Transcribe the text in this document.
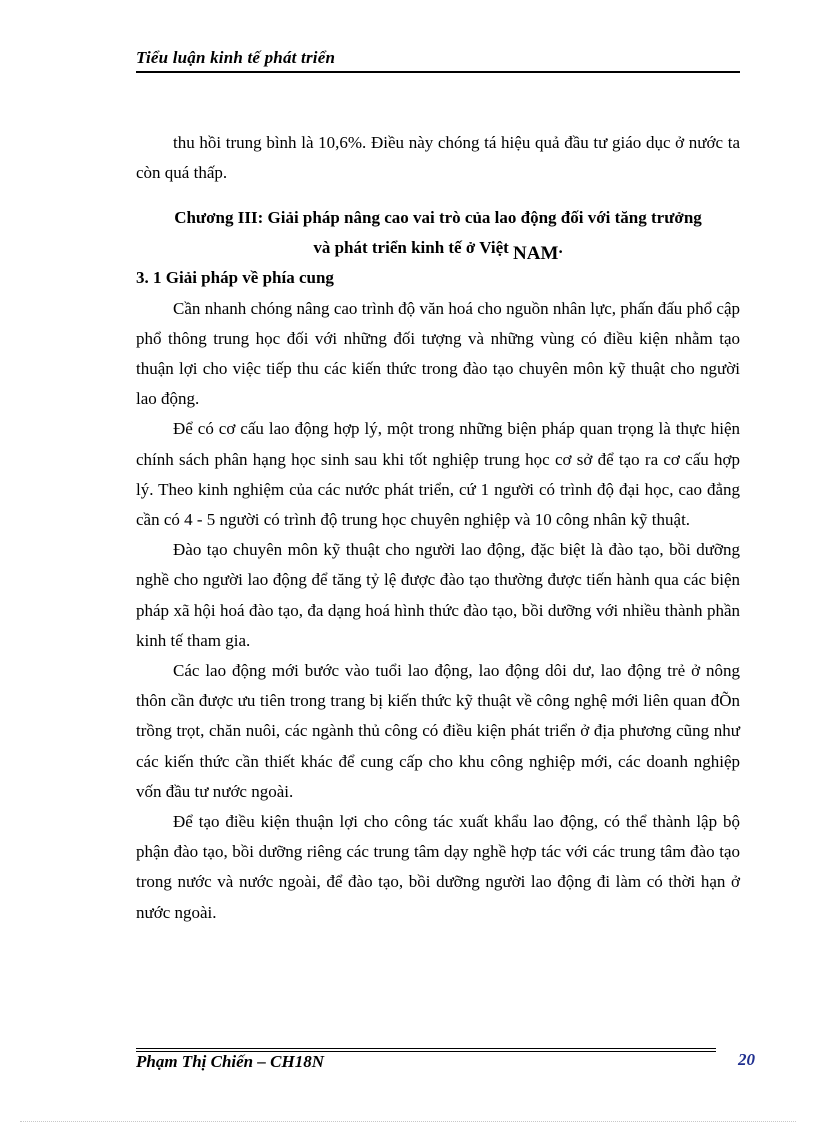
Tiểu luận kinh tế phát triển

thu hồi trung bình là 10,6%. Điều này chóng tá hiệu quả đầu tư giáo dục ở nước ta còn quá thấp.

Chương III: Giải pháp nâng cao vai trò của lao động đối với tăng trưởng
và phát triển kinh tế ở Việt NAM.

3. 1 Giải pháp về phía cung

Cần nhanh chóng nâng cao trình độ văn hoá cho nguồn nhân lực, phấn đấu phổ cập phổ thông trung học đối với những đối tượng và những vùng có điều kiện nhằm tạo thuận lợi cho việc tiếp thu các kiến thức trong đào tạo chuyên môn kỹ thuật cho người lao động.

Để có cơ cấu lao động hợp lý, một trong những biện pháp quan trọng là thực hiện chính sách phân hạng học sinh sau khi tốt nghiệp trung học cơ sở để tạo ra cơ cấu hợp lý. Theo kinh nghiệm của các nước phát triển, cứ 1 người có trình độ đại học, cao đẳng cần có 4 - 5 người có trình độ trung học chuyên nghiệp và 10 công nhân kỹ thuật.

Đào tạo chuyên môn kỹ thuật cho người lao động, đặc biệt là đào tạo, bồi dưỡng nghề cho người lao động để tăng tỷ lệ được đào tạo thường được tiến hành qua các biện pháp xã hội hoá đào tạo, đa dạng hoá hình thức đào tạo, bồi dưỡng với nhiều thành phần kinh tế tham gia.

Các lao động mới bước vào tuổi lao động, lao động dôi dư, lao động trẻ ở nông thôn cần được ưu tiên trong trang bị kiến thức kỹ thuật về công nghệ mới liên quan đÕn trồng trọt, chăn nuôi, các ngành thủ công có điều kiện phát triển ở địa phương cũng như các kiến thức cần thiết khác để cung cấp cho khu công nghiệp mới, các doanh nghiệp vốn đầu tư nước ngoài.

Để tạo điều kiện thuận lợi cho công tác xuất khẩu lao động, có thể thành lập bộ phận đào tạo, bồi dưỡng riêng các trung tâm dạy nghề hợp tác với các trung tâm đào tạo trong nước và nước ngoài, để đào tạo, bồi dưỡng người lao động đi làm có thời hạn ở nước ngoài.

Phạm Thị Chiến – CH18N	20
